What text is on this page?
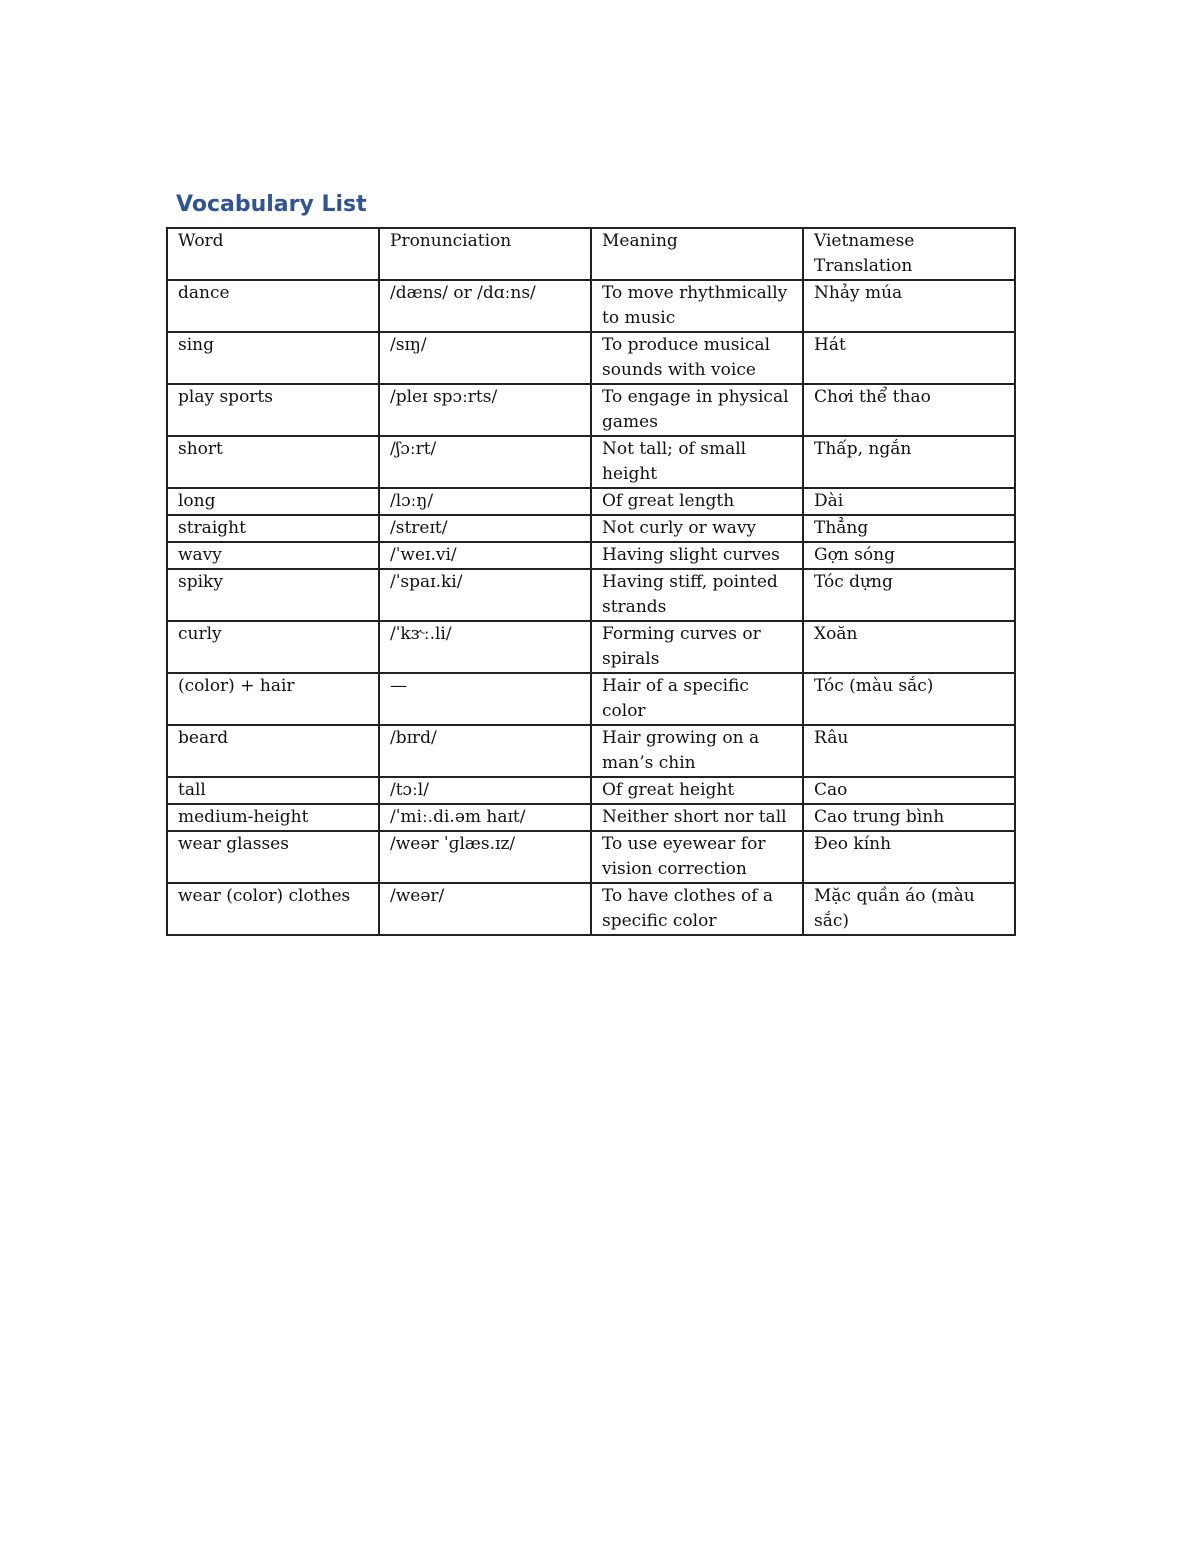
Vocabulary List
Word	Pronunciation	Meaning	Vietnamese Translation
dance	/dæns/ or /dɑːns/	To move rhythmically to music	Nhảy múa
sing	/sɪŋ/	To produce musical sounds with voice	Hát
play sports	/pleɪ spɔːrts/	To engage in physical games	Chơi thể thao
short	/ʃɔːrt/	Not tall; of small height	Thấp, ngắn
long	/lɔːŋ/	Of great length	Dài
straight	/streɪt/	Not curly or wavy	Thẳng
wavy	/ˈweɪ.vi/	Having slight curves	Gợn sóng
spiky	/ˈspaɪ.ki/	Having stiff, pointed strands	Tóc dựng
curly	/ˈkɝː.li/	Forming curves or spirals	Xoăn
(color) + hair	—	Hair of a specific color	Tóc (màu sắc)
beard	/bɪrd/	Hair growing on a man’s chin	Râu
tall	/tɔːl/	Of great height	Cao
medium-height	/ˈmiː.di.əm haɪt/	Neither short nor tall	Cao trung bình
wear glasses	/weər ˈɡlæs.ɪz/	To use eyewear for vision correction	Đeo kính
wear (color) clothes	/weər/	To have clothes of a specific color	Mặc quần áo (màu sắc)
